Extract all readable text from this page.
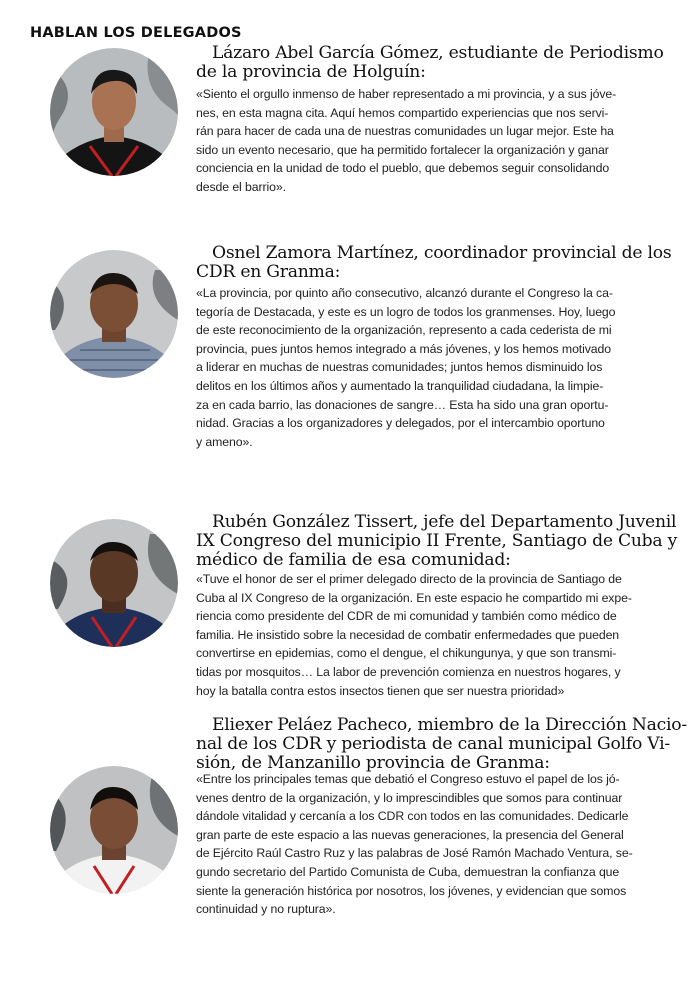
HABLAN LOS DELEGADOS
Lázaro Abel García Gómez, estudiante de Periodismo
de la provincia de Holguín:
«Siento el orgullo inmenso de haber representado a mi provincia, y a sus jóve-
nes, en esta magna cita. Aquí hemos compartido experiencias que nos servi-
rán para hacer de cada una de nuestras comunidades un lugar mejor. Este ha
sido un evento necesario, que ha permitido fortalecer la organización y ganar
conciencia en la unidad de todo el pueblo, que debemos seguir consolidando
desde el barrio».
Osnel Zamora Martínez, coordinador provincial de los
CDR en Granma:
«La provincia, por quinto año consecutivo, alcanzó durante el Congreso la ca-
tegoría de Destacada, y este es un logro de todos los granmenses. Hoy, luego
de este reconocimiento de la organización, represento a cada cederista de mi
provincia, pues juntos hemos integrado a más jóvenes, y los hemos motivado
a liderar en muchas de nuestras comunidades; juntos hemos disminuido los
delitos en los últimos años y aumentado la tranquilidad ciudadana, la limpie-
za en cada barrio, las donaciones de sangre… Esta ha sido una gran oportu-
nidad. Gracias a los organizadores y delegados, por el intercambio oportuno
y ameno».
Rubén González Tissert, jefe del Departamento Juvenil
IX Congreso del municipio II Frente, Santiago de Cuba y
médico de familia de esa comunidad:
«Tuve el honor de ser el primer delegado directo de la provincia de Santiago de
Cuba al IX Congreso de la organización. En este espacio he compartido mi expe-
riencia como presidente del CDR de mi comunidad y también como médico de
familia. He insistido sobre la necesidad de combatir enfermedades que pueden
convertirse en epidemias, como el dengue, el chikungunya, y que son transmi-
tidas por mosquitos… La labor de prevención comienza en nuestros hogares, y
hoy la batalla contra estos insectos tienen que ser nuestra prioridad»
Eliexer Peláez Pacheco, miembro de la Dirección Nacio-
nal de los CDR y periodista de canal municipal Golfo Vi-
sión, de Manzanillo provincia de Granma:
«Entre los principales temas que debatió el Congreso estuvo el papel de los jó-
venes dentro de la organización, y lo imprescindibles que somos para continuar
dándole vitalidad y cercanía a los CDR con todos en las comunidades. Dedicarle
gran parte de este espacio a las nuevas generaciones, la presencia del General
de Ejército Raúl Castro Ruz y las palabras de José Ramón Machado Ventura, se-
gundo secretario del Partido Comunista de Cuba, demuestran la confianza que
siente la generación histórica por nosotros, los jóvenes, y evidencian que somos
continuidad y no ruptura».
